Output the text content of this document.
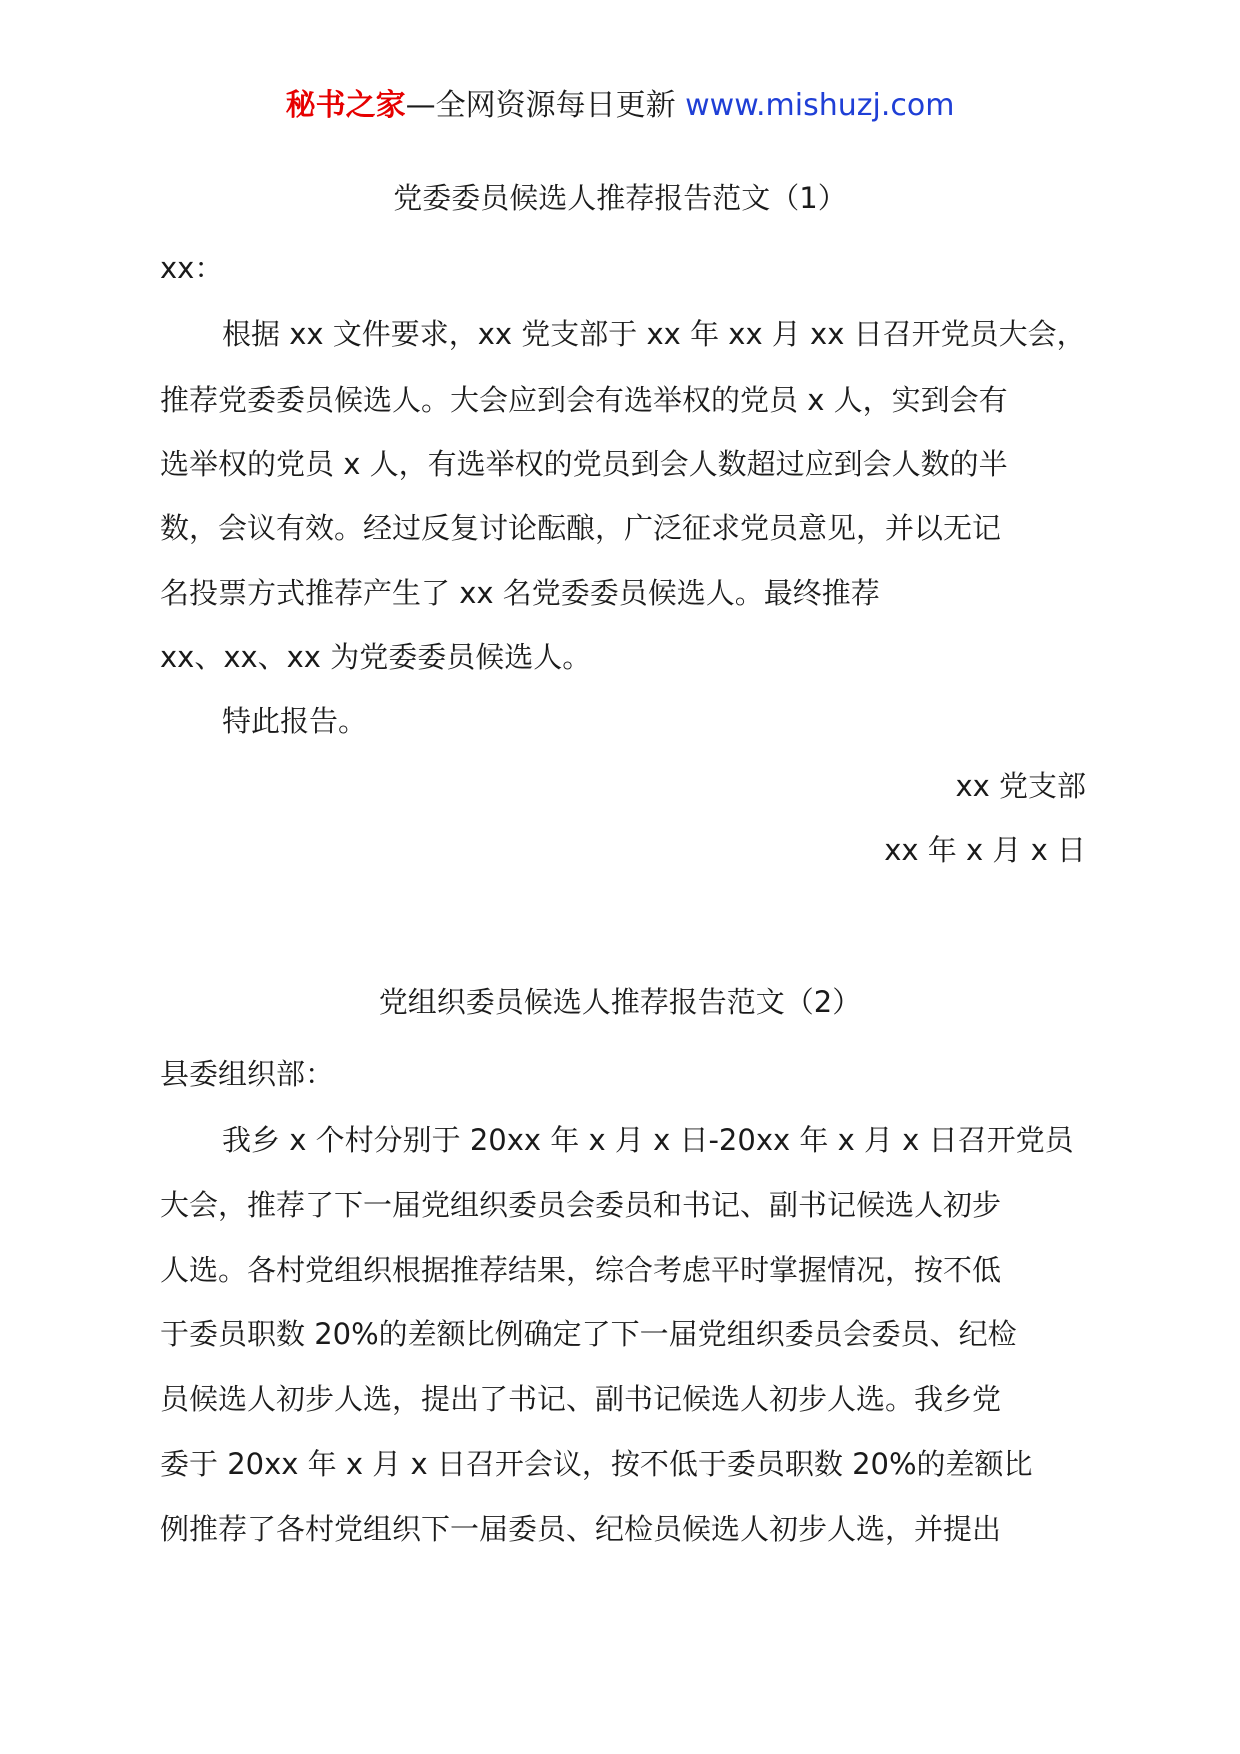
秘书之家—全网资源每日更新 www.mishuzj.com
党委委员候选人推荐报告范文（1）
xx：
根据 xx 文件要求，xx 党支部于 xx 年 xx 月 xx 日召开党员大会，
推荐党委委员候选人。大会应到会有选举权的党员 x 人，实到会有
选举权的党员 x 人，有选举权的党员到会人数超过应到会人数的半
数，会议有效。经过反复讨论酝酿，广泛征求党员意见，并以无记
名投票方式推荐产生了 xx 名党委委员候选人。最终推荐
xx、xx、xx 为党委委员候选人。
特此报告。
xx 党支部
xx 年 x 月 x 日
党组织委员候选人推荐报告范文（2）
县委组织部：
我乡 x 个村分别于 20xx 年 x 月 x 日-20xx 年 x 月 x 日召开党员
大会，推荐了下一届党组织委员会委员和书记、副书记候选人初步
人选。各村党组织根据推荐结果，综合考虑平时掌握情况，按不低
于委员职数 20%的差额比例确定了下一届党组织委员会委员、纪检
员候选人初步人选，提出了书记、副书记候选人初步人选。我乡党
委于 20xx 年 x 月 x 日召开会议，按不低于委员职数 20%的差额比
例推荐了各村党组织下一届委员、纪检员候选人初步人选，并提出
